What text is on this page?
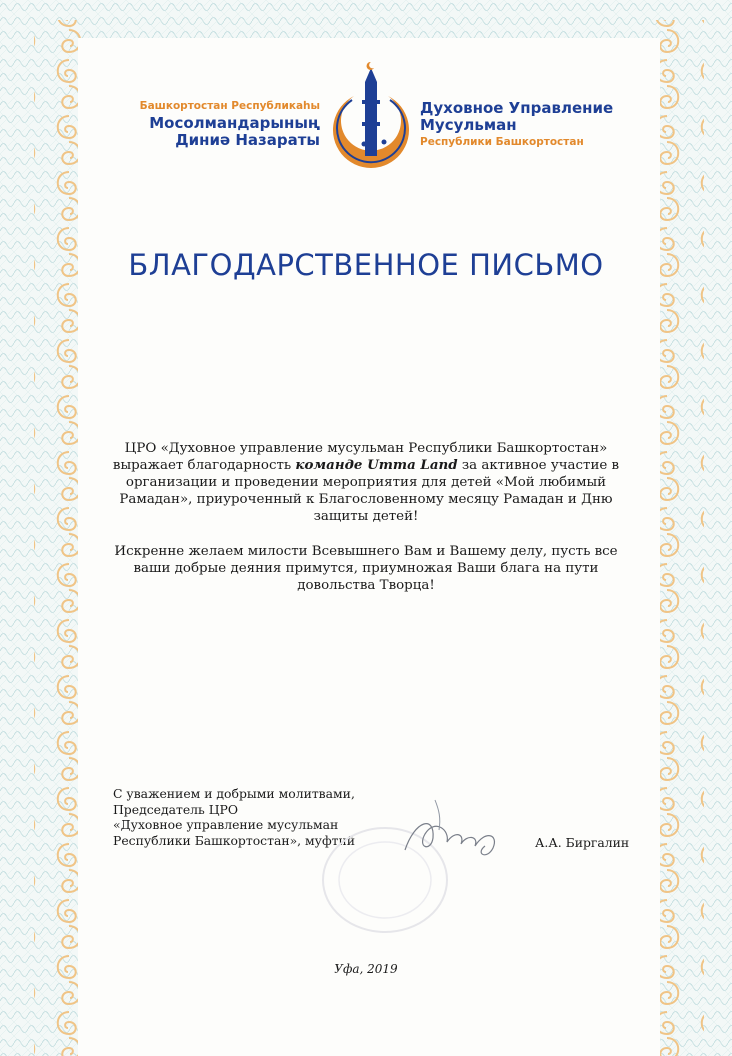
Башкортостан Республикаһы
Мосолмандарының
Диниә Назараты
Духовное Управление
Мусульман
Республики Башкортостан
БЛАГОДАРСТВЕННОЕ ПИСЬМО
ЦРО «Духовное управление мусульман Республики Башкортостан» выражает благодарность команде Umma Land за активное участие в организации и проведении мероприятия для детей «Мой любимый Рамадан», приуроченный к Благословенному месяцу Рамадан и Дню защиты детей!
Искренне желаем милости Всевышнего Вам и Вашему делу, пусть все ваши добрые деяния примутся, приумножая Ваши блага на пути довольства Творца!
С уважением и добрыми молитвами,
Председатель ЦРО
«Духовное управление мусульман
Республики Башкортостан», муфтий	А.А. Биргалин
Уфа, 2019
